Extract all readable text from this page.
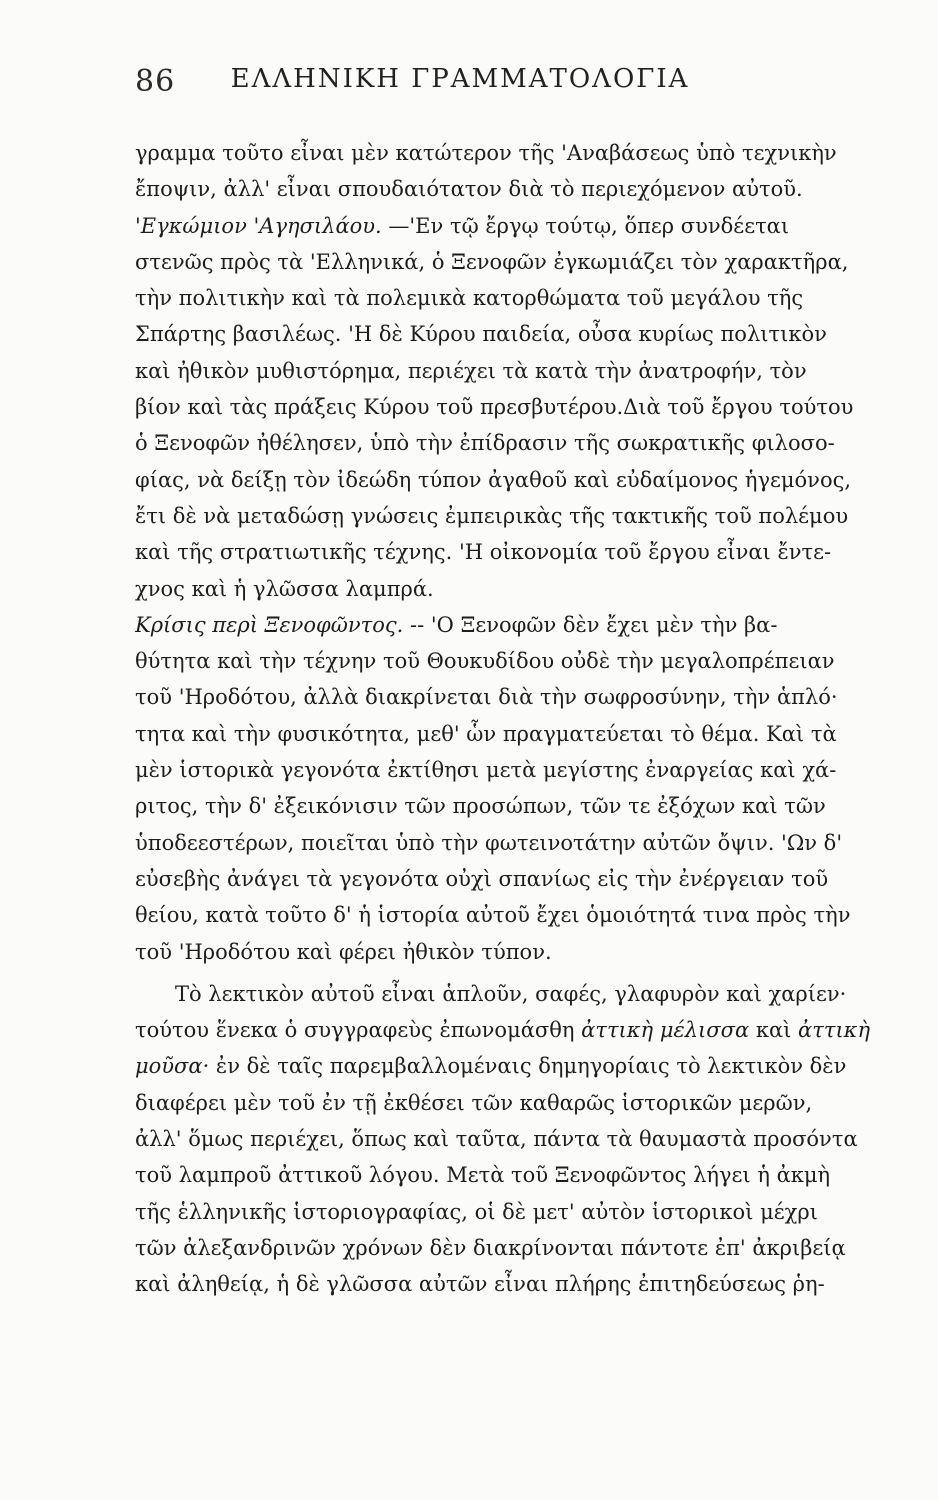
86	ΕΛΛΗΝΙΚΗ ΓΡΑΜΜΑΤΟΛΟΓΙΑ
γραμμα τοῦτο εἶναι μὲν κατώτερον τῆς 'Αναβάσεως ὑπὸ τεχνικὴν
ἔποψιν, ἀλλ' εἶναι σπουδαιότατον διὰ τὸ περιεχόμενον αὐτοῦ.
'Εγκώμιον 'Αγησιλάου. —'Εν τῷ ἔργῳ τούτῳ, ὅπερ συνδέεται
στενῶς πρὸς τὰ 'Ελληνικά, ὁ Ξενοφῶν ἐγκωμιάζει τὸν χαρακτῆρα,
τὴν πολιτικὴν καὶ τὰ πολεμικὰ κατορθώματα τοῦ μεγάλου τῆς
Σπάρτης βασιλέως. 'Η δὲ Κύρου παιδεία, οὖσα κυρίως πολιτικὸν
καὶ ἠθικὸν μυθιστόρημα, περιέχει τὰ κατὰ τὴν ἀνατροφήν, τὸν
βίον καὶ τὰς πράξεις Κύρου τοῦ πρεσβυτέρου.Διὰ τοῦ ἔργου τούτου
ὁ Ξενοφῶν ἠθέλησεν, ὑπὸ τὴν ἐπίδρασιν τῆς σωκρατικῆς φιλοσο-
φίας, νὰ δείξῃ τὸν ἰδεώδη τύπον ἀγαθοῦ καὶ εὐδαίμονος ἡγεμόνος,
ἔτι δὲ νὰ μεταδώσῃ γνώσεις ἐμπειρικὰς τῆς τακτικῆς τοῦ πολέμου
καὶ τῆς στρατιωτικῆς τέχνης. 'Η οἰκονομία τοῦ ἔργου εἶναι ἔντε-
χνος καὶ ἡ γλῶσσα λαμπρά.
Κρίσις περὶ Ξενοφῶντος. -- 'Ο Ξενοφῶν δὲν ἔχει μὲν τὴν βα-
θύτητα καὶ τὴν τέχνην τοῦ Θουκυδίδου οὐδὲ τὴν μεγαλοπρέπειαν
τοῦ 'Ηροδότου, ἀλλὰ διακρίνεται διὰ τὴν σωφροσύνην, τὴν ἁπλό·
τητα καὶ τὴν φυσικότητα, μεθ' ὧν πραγματεύεται τὸ θέμα. Καὶ τὰ
μὲν ἱστορικὰ γεγονότα ἐκτίθησι μετὰ μεγίστης ἐναργείας καὶ χά-
ριτος, τὴν δ' ἐξεικόνισιν τῶν προσώπων, τῶν τε ἐξόχων καὶ τῶν
ὑποδεεστέρων, ποιεῖται ὑπὸ τὴν φωτεινοτάτην αὐτῶν ὄψιν. 'Ων δ'
εὐσεβὴς ἀνάγει τὰ γεγονότα οὐχὶ σπανίως εἰς τὴν ἐνέργειαν τοῦ
θείου, κατὰ τοῦτο δ' ἡ ἱστορία αὐτοῦ ἔχει ὁμοιότητά τινα πρὸς τὴν
τοῦ 'Ηροδότου καὶ φέρει ἠθικὸν τύπον.
Τὸ λεκτικὸν αὐτοῦ εἶναι ἁπλοῦν, σαφές, γλαφυρὸν καὶ χαρίεν·
τούτου ἕνεκα ὁ συγγραφεὺς ἐπωνομάσθη ἀττικὴ μέλισσα καὶ ἀττικὴ
μοῦσα· ἐν δὲ ταῖς παρεμβαλλομέναις δημηγορίαις τὸ λεκτικὸν δὲν
διαφέρει μὲν τοῦ ἐν τῇ ἐκθέσει τῶν καθαρῶς ἱστορικῶν μερῶν,
ἀλλ' ὅμως περιέχει, ὅπως καὶ ταῦτα, πάντα τὰ θαυμαστὰ προσόντα
τοῦ λαμπροῦ ἀττικοῦ λόγου. Μετὰ τοῦ Ξενοφῶντος λήγει ἡ ἀκμὴ
τῆς ἑλληνικῆς ἱστοριογραφίας, οἱ δὲ μετ' αὐτὸν ἱστορικοὶ μέχρι
τῶν ἀλεξανδρινῶν χρόνων δὲν διακρίνονται πάντοτε ἐπ' ἀκριβείᾳ
καὶ ἀληθείᾳ, ἡ δὲ γλῶσσα αὐτῶν εἶναι πλήρης ἐπιτηδεύσεως ῥη-
